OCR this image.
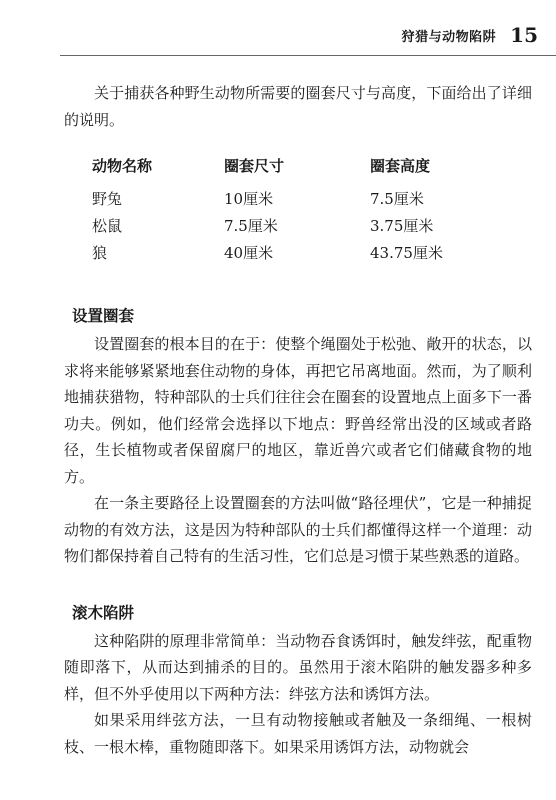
狩猎与动物陷阱 15

关于捕获各种野生动物所需要的圈套尺寸与高度，下面给出了详细的说明。

动物名称	圈套尺寸	圈套高度
野兔	10厘米	7.5厘米
松鼠	7.5厘米	3.75厘米
狼	40厘米	43.75厘米
设置圈套

设置圈套的根本目的在于：使整个绳圈处于松弛、敞开的状态，以求将来能够紧紧地套住动物的身体，再把它吊离地面。然而，为了顺利地捕获猎物，特种部队的士兵们往往会在圈套的设置地点上面多下一番功夫。例如，他们经常会选择以下地点：野兽经常出没的区域或者路径，生长植物或者保留腐尸的地区，靠近兽穴或者它们储藏食物的地方。

在一条主要路径上设置圈套的方法叫做“路径埋伏”，它是一种捕捉动物的有效方法，这是因为特种部队的士兵们都懂得这样一个道理：动物们都保持着自己特有的生活习性，它们总是习惯于某些熟悉的道路。

滚木陷阱

这种陷阱的原理非常简单：当动物吞食诱饵时，触发绊弦，配重物随即落下，从而达到捕杀的目的。虽然用于滚木陷阱的触发器多种多样，但不外乎使用以下两种方法：绊弦方法和诱饵方法。

如果采用绊弦方法，一旦有动物接触或者触及一条细绳、一根树枝、一根木棒，重物随即落下。如果采用诱饵方法，动物就会
